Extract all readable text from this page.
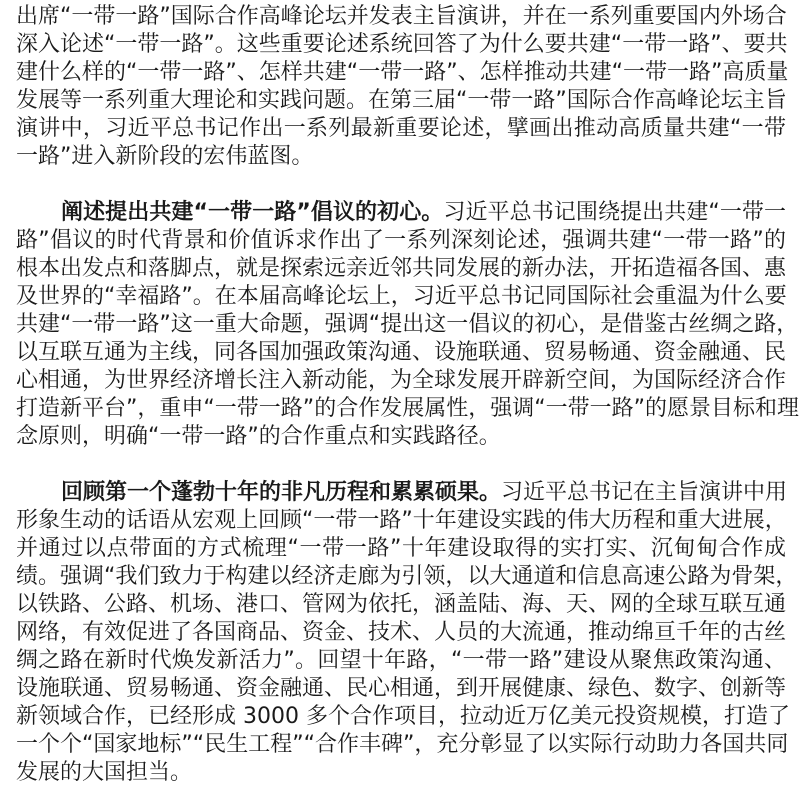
出席“一带一路”国际合作高峰论坛并发表主旨演讲，并在一系列重要国内外场合
深入论述“一带一路”。这些重要论述系统回答了为什么要共建“一带一路”、要共
建什么样的“一带一路”、怎样共建“一带一路”、怎样推动共建“一带一路”高质量
发展等一系列重大理论和实践问题。在第三届“一带一路”国际合作高峰论坛主旨
演讲中，习近平总书记作出一系列最新重要论述，擘画出推动高质量共建“一带
一路”进入新阶段的宏伟蓝图。
阐述提出共建“一带一路”倡议的初心。习近平总书记围绕提出共建“一带一
路”倡议的时代背景和价值诉求作出了一系列深刻论述，强调共建“一带一路”的
根本出发点和落脚点，就是探索远亲近邻共同发展的新办法，开拓造福各国、惠
及世界的“幸福路”。在本届高峰论坛上，习近平总书记同国际社会重温为什么要
共建“一带一路”这一重大命题，强调“提出这一倡议的初心，是借鉴古丝绸之路，
以互联互通为主线，同各国加强政策沟通、设施联通、贸易畅通、资金融通、民
心相通，为世界经济增长注入新动能，为全球发展开辟新空间，为国际经济合作
打造新平台”，重申“一带一路”的合作发展属性，强调“一带一路”的愿景目标和理
念原则，明确“一带一路”的合作重点和实践路径。
回顾第一个蓬勃十年的非凡历程和累累硕果。习近平总书记在主旨演讲中用
形象生动的话语从宏观上回顾“一带一路”十年建设实践的伟大历程和重大进展，
并通过以点带面的方式梳理“一带一路”十年建设取得的实打实、沉甸甸合作成
绩。强调“我们致力于构建以经济走廊为引领，以大通道和信息高速公路为骨架，
以铁路、公路、机场、港口、管网为依托，涵盖陆、海、天、网的全球互联互通
网络，有效促进了各国商品、资金、技术、人员的大流通，推动绵亘千年的古丝
绸之路在新时代焕发新活力”。回望十年路，“一带一路”建设从聚焦政策沟通、
设施联通、贸易畅通、资金融通、民心相通，到开展健康、绿色、数字、创新等
新领域合作，已经形成 3000 多个合作项目，拉动近万亿美元投资规模，打造了
一个个“国家地标”“民生工程”“合作丰碑”，充分彰显了以实际行动助力各国共同
发展的大国担当。
